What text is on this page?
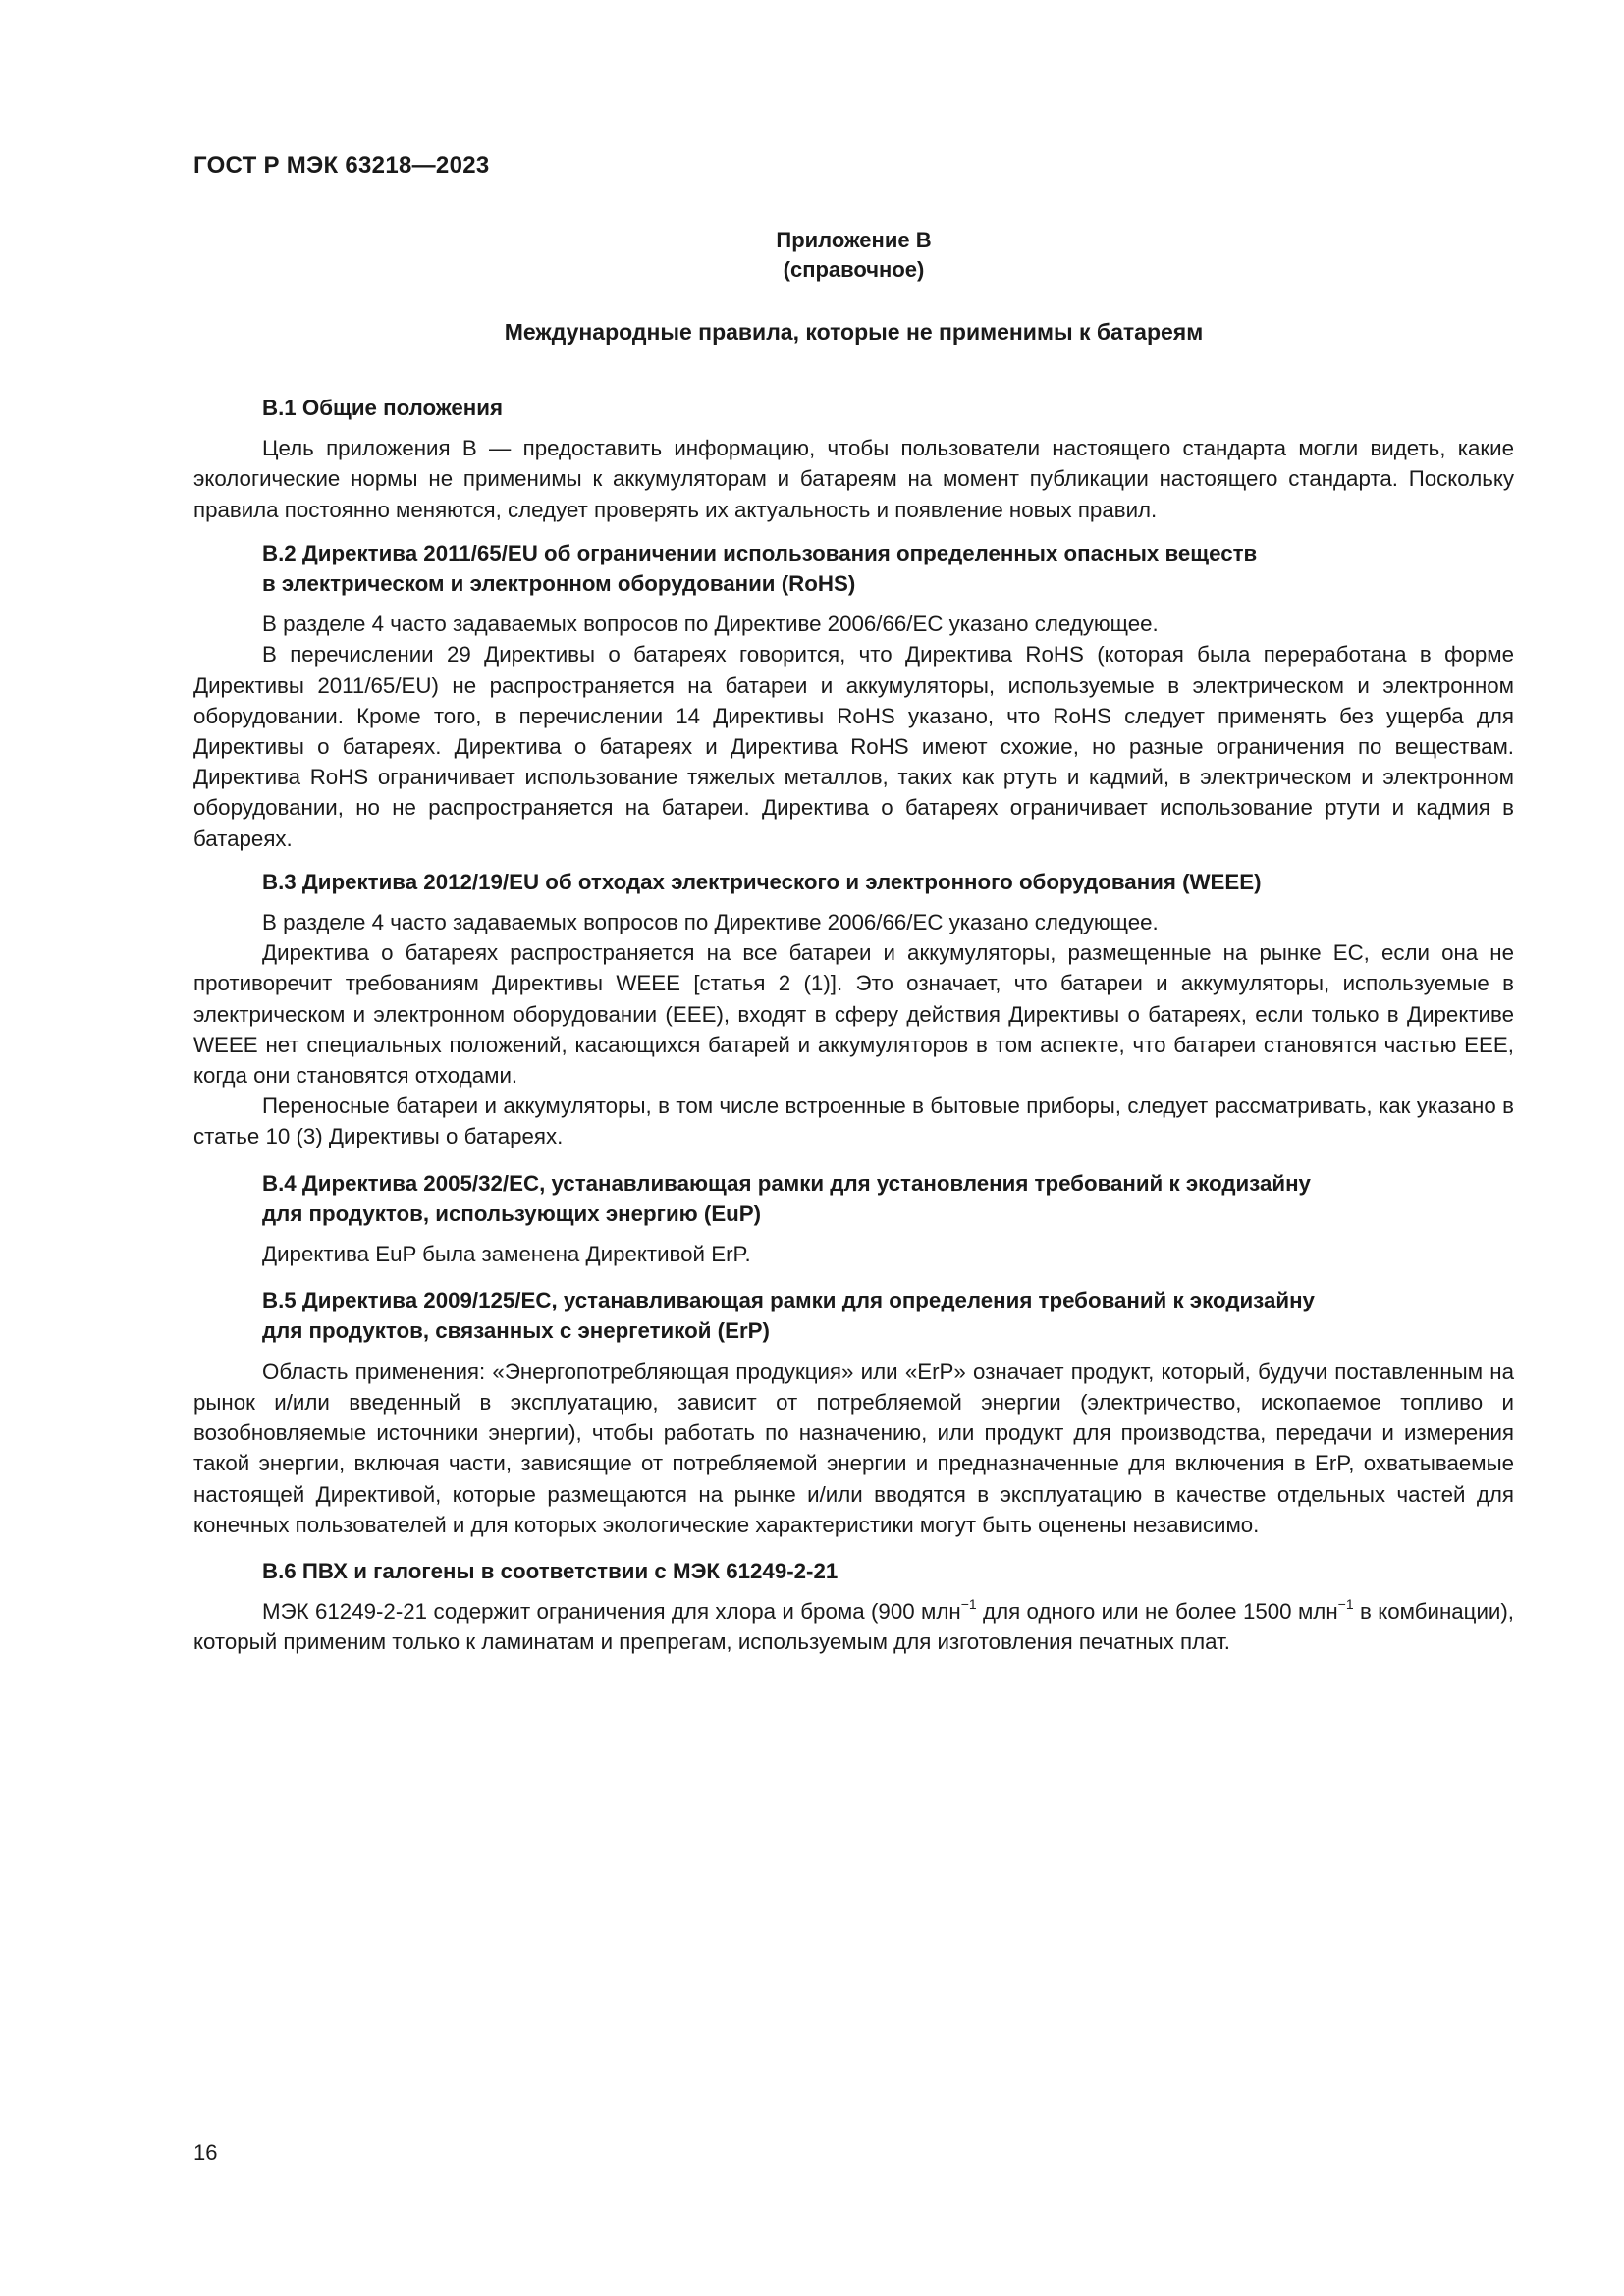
ГОСТ Р МЭК 63218—2023
Приложение B
(справочное)
Международные правила, которые не применимы к батареям

B.1 Общие положения

Цель приложения B — предоставить информацию, чтобы пользователи настоящего стандарта могли видеть, какие экологические нормы не применимы к аккумуляторам и батареям на момент публикации настоящего стандарта. Поскольку правила постоянно меняются, следует проверять их актуальность и появление новых правил.

B.2 Директива 2011/65/EU об ограничении использования определенных опасных веществ
в электрическом и электронном оборудовании (RoHS)

В разделе 4 часто задаваемых вопросов по Директиве 2006/66/ЕС указано следующее.

В перечислении 29 Директивы о батареях говорится, что Директива RoHS (которая была переработана в форме Директивы 2011/65/EU) не распространяется на батареи и аккумуляторы, используемые в электрическом и электронном оборудовании. Кроме того, в перечислении 14 Директивы RoHS указано, что RoHS следует применять без ущерба для Директивы о батареях. Директива о батареях и Директива RoHS имеют схожие, но разные ограничения по веществам. Директива RoHS ограничивает использование тяжелых металлов, таких как ртуть и кадмий, в электрическом и электронном оборудовании, но не распространяется на батареи. Директива о батареях ограничивает использование ртути и кадмия в батареях.

B.3 Директива 2012/19/EU об отходах электрического и электронного оборудования (WEEE)

В разделе 4 часто задаваемых вопросов по Директиве 2006/66/ЕС указано следующее.

Директива о батареях распространяется на все батареи и аккумуляторы, размещенные на рынке ЕС, если она не противоречит требованиям Директивы WEEE [статья 2 (1)]. Это означает, что батареи и аккумуляторы, используемые в электрическом и электронном оборудовании (ЕЕЕ), входят в сферу действия Директивы о батареях, если только в Директиве WEEE нет специальных положений, касающихся батарей и аккумуляторов в том аспекте, что батареи становятся частью ЕЕЕ, когда они становятся отходами.

Переносные батареи и аккумуляторы, в том числе встроенные в бытовые приборы, следует рассматривать, как указано в статье 10 (3) Директивы о батареях.

B.4 Директива 2005/32/ЕС, устанавливающая рамки для установления требований к экодизайну
для продуктов, использующих энергию (EuP)

Директива EuP была заменена Директивой ErP.

B.5 Директива 2009/125/ЕС, устанавливающая рамки для определения требований к экодизайну
для продуктов, связанных с энергетикой (ErP)

Область применения: «Энергопотребляющая продукция» или «ErP» означает продукт, который, будучи поставленным на рынок и/или введенный в эксплуатацию, зависит от потребляемой энергии (электричество, ископаемое топливо и возобновляемые источники энергии), чтобы работать по назначению, или продукт для производства, передачи и измерения такой энергии, включая части, зависящие от потребляемой энергии и предназначенные для включения в ErP, охватываемые настоящей Директивой, которые размещаются на рынке и/или вводятся в эксплуатацию в качестве отдельных частей для конечных пользователей и для которых экологические характеристики могут быть оценены независимо.

B.6 ПВХ и галогены в соответствии с МЭК 61249-2-21

МЭК 61249-2-21 содержит ограничения для хлора и брома (900 млн$^{-1}$ для одного или не более 1500 млн$^{-1}$ в комбинации), который применим только к ламинатам и препрегам, используемым для изготовления печатных плат.

16
